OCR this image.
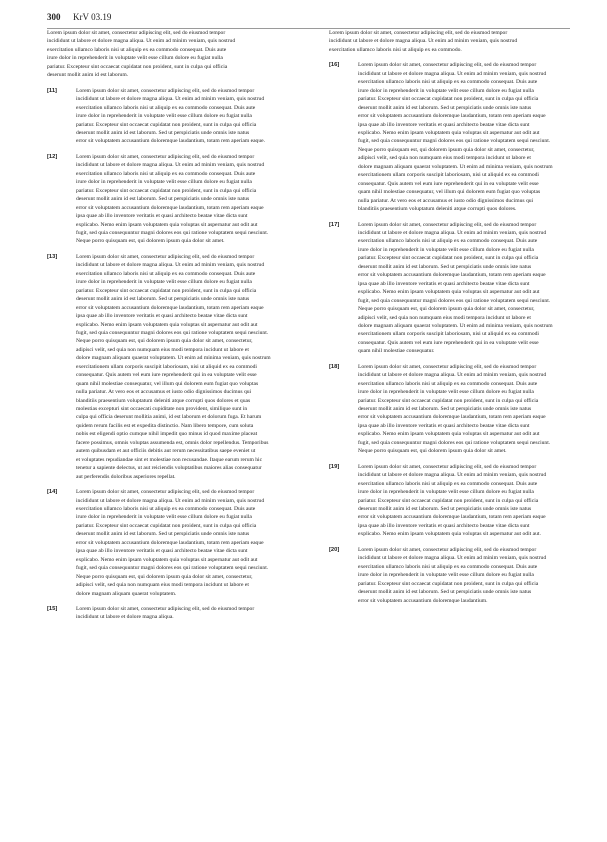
300 KrV 03.19
Lorem ipsum dolor sit amet, consectetur adipiscing elit, sed do eiusmod tempor
incididunt ut labore et dolore magna aliqua. Ut enim ad minim veniam, quis nostrud
exercitation ullamco laboris nisi ut aliquip ex ea commodo consequat. Duis aute
irure dolor in reprehenderit in voluptate velit esse cillum dolore eu fugiat nulla
pariatur. Excepteur sint occaecat cupidatat non proident, sunt in culpa qui officia
deserunt mollit anim id est laborum.
[11]	Lorem ipsum dolor sit amet, consectetur adipiscing elit, sed do eiusmod tempor
incididunt ut labore et dolore magna aliqua. Ut enim ad minim veniam, quis nostrud
exercitation ullamco laboris nisi ut aliquip ex ea commodo consequat. Duis aute
irure dolor in reprehenderit in voluptate velit esse cillum dolore eu fugiat nulla
pariatur. Excepteur sint occaecat cupidatat non proident, sunt in culpa qui officia
deserunt mollit anim id est laborum. Sed ut perspiciatis unde omnis iste natus
error sit voluptatem accusantium doloremque laudantium, totam rem aperiam eaque.
[12]	Lorem ipsum dolor sit amet, consectetur adipiscing elit, sed do eiusmod tempor
incididunt ut labore et dolore magna aliqua. Ut enim ad minim veniam, quis nostrud
exercitation ullamco laboris nisi ut aliquip ex ea commodo consequat. Duis aute
irure dolor in reprehenderit in voluptate velit esse cillum dolore eu fugiat nulla
pariatur. Excepteur sint occaecat cupidatat non proident, sunt in culpa qui officia
deserunt mollit anim id est laborum. Sed ut perspiciatis unde omnis iste natus
error sit voluptatem accusantium doloremque laudantium, totam rem aperiam eaque
ipsa quae ab illo inventore veritatis et quasi architecto beatae vitae dicta sunt
explicabo. Nemo enim ipsam voluptatem quia voluptas sit aspernatur aut odit aut
fugit, sed quia consequuntur magni dolores eos qui ratione voluptatem sequi nesciunt.
Neque porro quisquam est, qui dolorem ipsum quia dolor sit amet.
[13]	Lorem ipsum dolor sit amet, consectetur adipiscing elit, sed do eiusmod tempor
incididunt ut labore et dolore magna aliqua. Ut enim ad minim veniam, quis nostrud
exercitation ullamco laboris nisi ut aliquip ex ea commodo consequat. Duis aute
irure dolor in reprehenderit in voluptate velit esse cillum dolore eu fugiat nulla
pariatur. Excepteur sint occaecat cupidatat non proident, sunt in culpa qui officia
deserunt mollit anim id est laborum. Sed ut perspiciatis unde omnis iste natus
error sit voluptatem accusantium doloremque laudantium, totam rem aperiam eaque
ipsa quae ab illo inventore veritatis et quasi architecto beatae vitae dicta sunt
explicabo. Nemo enim ipsam voluptatem quia voluptas sit aspernatur aut odit aut
fugit, sed quia consequuntur magni dolores eos qui ratione voluptatem sequi nesciunt.
Neque porro quisquam est, qui dolorem ipsum quia dolor sit amet, consectetur,
adipisci velit, sed quia non numquam eius modi tempora incidunt ut labore et
dolore magnam aliquam quaerat voluptatem. Ut enim ad minima veniam, quis nostrum
exercitationem ullam corporis suscipit laboriosam, nisi ut aliquid ex ea commodi
consequatur. Quis autem vel eum iure reprehenderit qui in ea voluptate velit esse
quam nihil molestiae consequatur, vel illum qui dolorem eum fugiat quo voluptas
nulla pariatur. At vero eos et accusamus et iusto odio dignissimos ducimus qui
blanditiis praesentium voluptatum deleniti atque corrupti quos dolores et quas
molestias excepturi sint occaecati cupiditate non provident, similique sunt in
culpa qui officia deserunt mollitia animi, id est laborum et dolorum fuga. Et harum
quidem rerum facilis est et expedita distinctio. Nam libero tempore, cum soluta
nobis est eligendi optio cumque nihil impedit quo minus id quod maxime placeat
facere possimus, omnis voluptas assumenda est, omnis dolor repellendus. Temporibus
autem quibusdam et aut officiis debitis aut rerum necessitatibus saepe eveniet ut
et voluptates repudiandae sint et molestiae non recusandae. Itaque earum rerum hic
tenetur a sapiente delectus, ut aut reiciendis voluptatibus maiores alias consequatur
aut perferendis doloribus asperiores repellat.
[14]	Lorem ipsum dolor sit amet, consectetur adipiscing elit, sed do eiusmod tempor
incididunt ut labore et dolore magna aliqua. Ut enim ad minim veniam, quis nostrud
exercitation ullamco laboris nisi ut aliquip ex ea commodo consequat. Duis aute
irure dolor in reprehenderit in voluptate velit esse cillum dolore eu fugiat nulla
pariatur. Excepteur sint occaecat cupidatat non proident, sunt in culpa qui officia
deserunt mollit anim id est laborum. Sed ut perspiciatis unde omnis iste natus
error sit voluptatem accusantium doloremque laudantium, totam rem aperiam eaque
ipsa quae ab illo inventore veritatis et quasi architecto beatae vitae dicta sunt
explicabo. Nemo enim ipsam voluptatem quia voluptas sit aspernatur aut odit aut
fugit, sed quia consequuntur magni dolores eos qui ratione voluptatem sequi nesciunt.
Neque porro quisquam est, qui dolorem ipsum quia dolor sit amet, consectetur,
adipisci velit, sed quia non numquam eius modi tempora incidunt ut labore et
dolore magnam aliquam quaerat voluptatem.
[15]	Lorem ipsum dolor sit amet, consectetur adipiscing elit, sed do eiusmod tempor
incididunt ut labore et dolore magna aliqua.
Lorem ipsum dolor sit amet, consectetur adipiscing elit, sed do eiusmod tempor
incididunt ut labore et dolore magna aliqua. Ut enim ad minim veniam, quis nostrud
exercitation ullamco laboris nisi ut aliquip ex ea commodo.
[16]	Lorem ipsum dolor sit amet, consectetur adipiscing elit, sed do eiusmod tempor
incididunt ut labore et dolore magna aliqua. Ut enim ad minim veniam, quis nostrud
exercitation ullamco laboris nisi ut aliquip ex ea commodo consequat. Duis aute
irure dolor in reprehenderit in voluptate velit esse cillum dolore eu fugiat nulla
pariatur. Excepteur sint occaecat cupidatat non proident, sunt in culpa qui officia
deserunt mollit anim id est laborum. Sed ut perspiciatis unde omnis iste natus
error sit voluptatem accusantium doloremque laudantium, totam rem aperiam eaque
ipsa quae ab illo inventore veritatis et quasi architecto beatae vitae dicta sunt
explicabo. Nemo enim ipsam voluptatem quia voluptas sit aspernatur aut odit aut
fugit, sed quia consequuntur magni dolores eos qui ratione voluptatem sequi nesciunt.
Neque porro quisquam est, qui dolorem ipsum quia dolor sit amet, consectetur,
adipisci velit, sed quia non numquam eius modi tempora incidunt ut labore et
dolore magnam aliquam quaerat voluptatem. Ut enim ad minima veniam, quis nostrum
exercitationem ullam corporis suscipit laboriosam, nisi ut aliquid ex ea commodi
consequatur. Quis autem vel eum iure reprehenderit qui in ea voluptate velit esse
quam nihil molestiae consequatur, vel illum qui dolorem eum fugiat quo voluptas
nulla pariatur. At vero eos et accusamus et iusto odio dignissimos ducimus qui
blanditiis praesentium voluptatum deleniti atque corrupti quos dolores.
[17]	Lorem ipsum dolor sit amet, consectetur adipiscing elit, sed do eiusmod tempor
incididunt ut labore et dolore magna aliqua. Ut enim ad minim veniam, quis nostrud
exercitation ullamco laboris nisi ut aliquip ex ea commodo consequat. Duis aute
irure dolor in reprehenderit in voluptate velit esse cillum dolore eu fugiat nulla
pariatur. Excepteur sint occaecat cupidatat non proident, sunt in culpa qui officia
deserunt mollit anim id est laborum. Sed ut perspiciatis unde omnis iste natus
error sit voluptatem accusantium doloremque laudantium, totam rem aperiam eaque
ipsa quae ab illo inventore veritatis et quasi architecto beatae vitae dicta sunt
explicabo. Nemo enim ipsam voluptatem quia voluptas sit aspernatur aut odit aut
fugit, sed quia consequuntur magni dolores eos qui ratione voluptatem sequi nesciunt.
Neque porro quisquam est, qui dolorem ipsum quia dolor sit amet, consectetur,
adipisci velit, sed quia non numquam eius modi tempora incidunt ut labore et
dolore magnam aliquam quaerat voluptatem. Ut enim ad minima veniam, quis nostrum
exercitationem ullam corporis suscipit laboriosam, nisi ut aliquid ex ea commodi
consequatur. Quis autem vel eum iure reprehenderit qui in ea voluptate velit esse
quam nihil molestiae consequatur.
[18]	Lorem ipsum dolor sit amet, consectetur adipiscing elit, sed do eiusmod tempor
incididunt ut labore et dolore magna aliqua. Ut enim ad minim veniam, quis nostrud
exercitation ullamco laboris nisi ut aliquip ex ea commodo consequat. Duis aute
irure dolor in reprehenderit in voluptate velit esse cillum dolore eu fugiat nulla
pariatur. Excepteur sint occaecat cupidatat non proident, sunt in culpa qui officia
deserunt mollit anim id est laborum. Sed ut perspiciatis unde omnis iste natus
error sit voluptatem accusantium doloremque laudantium, totam rem aperiam eaque
ipsa quae ab illo inventore veritatis et quasi architecto beatae vitae dicta sunt
explicabo. Nemo enim ipsam voluptatem quia voluptas sit aspernatur aut odit aut
fugit, sed quia consequuntur magni dolores eos qui ratione voluptatem sequi nesciunt.
Neque porro quisquam est, qui dolorem ipsum quia dolor sit amet.
[19]	Lorem ipsum dolor sit amet, consectetur adipiscing elit, sed do eiusmod tempor
incididunt ut labore et dolore magna aliqua. Ut enim ad minim veniam, quis nostrud
exercitation ullamco laboris nisi ut aliquip ex ea commodo consequat. Duis aute
irure dolor in reprehenderit in voluptate velit esse cillum dolore eu fugiat nulla
pariatur. Excepteur sint occaecat cupidatat non proident, sunt in culpa qui officia
deserunt mollit anim id est laborum. Sed ut perspiciatis unde omnis iste natus
error sit voluptatem accusantium doloremque laudantium, totam rem aperiam eaque
ipsa quae ab illo inventore veritatis et quasi architecto beatae vitae dicta sunt
explicabo. Nemo enim ipsam voluptatem quia voluptas sit aspernatur aut odit aut.
[20]	Lorem ipsum dolor sit amet, consectetur adipiscing elit, sed do eiusmod tempor
incididunt ut labore et dolore magna aliqua. Ut enim ad minim veniam, quis nostrud
exercitation ullamco laboris nisi ut aliquip ex ea commodo consequat. Duis aute
irure dolor in reprehenderit in voluptate velit esse cillum dolore eu fugiat nulla
pariatur. Excepteur sint occaecat cupidatat non proident, sunt in culpa qui officia
deserunt mollit anim id est laborum. Sed ut perspiciatis unde omnis iste natus
error sit voluptatem accusantium doloremque laudantium.
